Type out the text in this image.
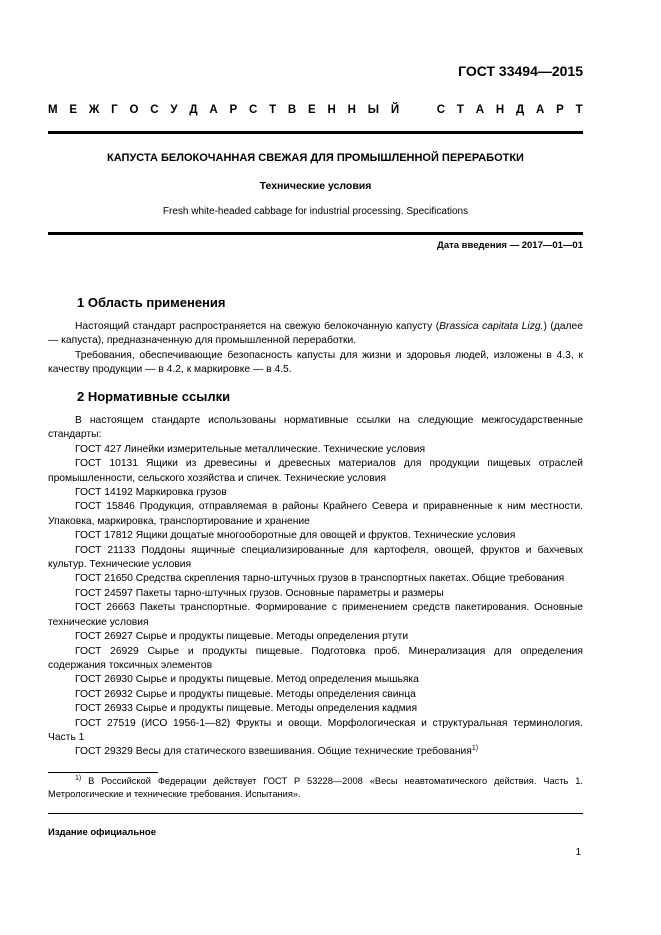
ГОСТ 33494—2015
М Е Ж Г О С У Д А Р С Т В Е Н Н Ы Й	С Т А Н Д А Р Т
КАПУСТА БЕЛОКОЧАННАЯ СВЕЖАЯ ДЛЯ ПРОМЫШЛЕННОЙ ПЕРЕРАБОТКИ
Технические условия
Fresh white-headed cabbage for industrial processing. Specifications
Дата введения — 2017—01—01
1 Область применения

Настоящий стандарт распространяется на свежую белокочанную капусту (Brassica capitata Lizg.) (далее — капуста), предназначенную для промышленной переработки.

Требования, обеспечивающие безопасность капусты для жизни и здоровья людей, изложены в 4.3, к качеству продукции — в 4.2, к маркировке — в 4.5.

2 Нормативные ссылки

В настоящем стандарте использованы нормативные ссылки на следующие межгосударственные стандарты:

ГОСТ 427 Линейки измерительные металлические. Технические условия

ГОСТ 10131 Ящики из древесины и древесных материалов для продукции пищевых отраслей промышленности, сельского хозяйства и спичек. Технические условия

ГОСТ 14192 Маркировка грузов

ГОСТ 15846 Продукция, отправляемая в районы Крайнего Севера и приравненные к ним местности. Упаковка, маркировка, транспортирование и хранение

ГОСТ 17812 Ящики дощатые многооборотные для овощей и фруктов. Технические условия

ГОСТ 21133 Поддоны ящичные специализированные для картофеля, овощей, фруктов и бахчевых культур. Технические условия

ГОСТ 21650 Средства скрепления тарно-штучных грузов в транспортных пакетах. Общие требования

ГОСТ 24597 Пакеты тарно-штучных грузов. Основные параметры и размеры

ГОСТ 26663 Пакеты транспортные. Формирование с применением средств пакетирования. Основные технические условия

ГОСТ 26927 Сырье и продукты пищевые. Методы определения ртути

ГОСТ 26929 Сырье и продукты пищевые. Подготовка проб. Минерализация для определения содержания токсичных элементов

ГОСТ 26930 Сырье и продукты пищевые. Метод определения мышьяка

ГОСТ 26932 Сырье и продукты пищевые. Методы определения свинца

ГОСТ 26933 Сырье и продукты пищевые. Методы определения кадмия

ГОСТ 27519 (ИСО 1956-1—82) Фрукты и овощи. Морфологическая и структуральная терминология. Часть 1

ГОСТ 29329 Весы для статического взвешивания. Общие технические требования$^{1)}$

$^{1)}$ В Российской Федерации действует ГОСТ Р 53228—2008 «Весы неавтоматического действия. Часть 1. Метрологические и технические требования. Испытания».

Издание официальное
1
